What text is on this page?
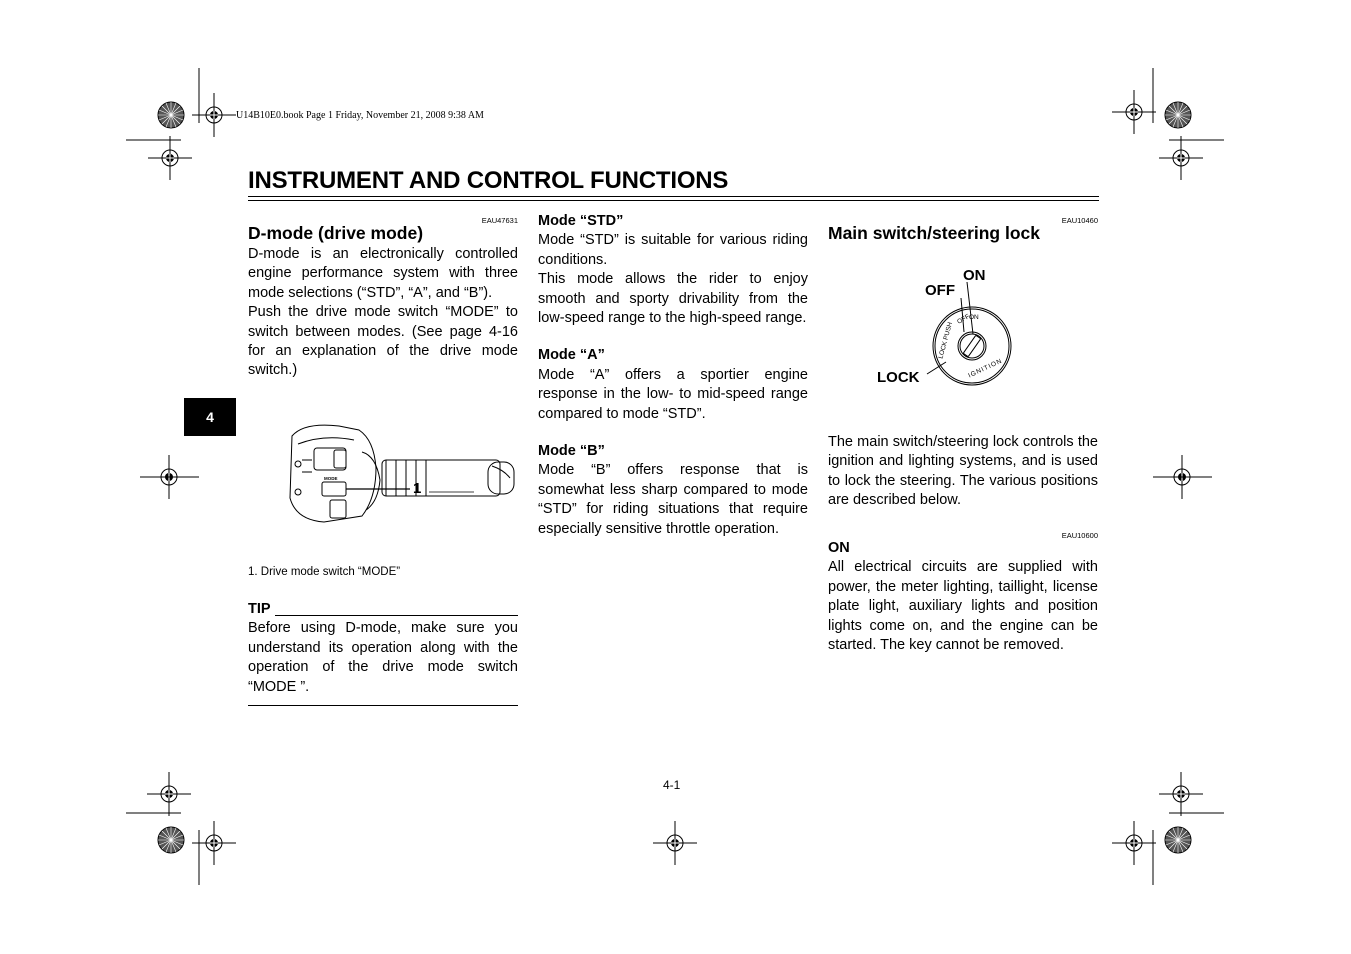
U14B10E0.book Page 1 Friday, November 21, 2008 9:38 AM
INSTRUMENT AND CONTROL FUNCTIONS
4
EAU47631
D-mode (drive mode)

D-mode is an electronically controlled engine performance system with three mode selections (“STD”, “A”, and “B”).

Push the drive mode switch “MODE” to switch between modes. (See page 4-16 for an explanation of the drive mode switch.)

MODE
1
1. Drive mode switch “MODE”
TIP

Before using D-mode, make sure you understand its operation along with the operation of the drive mode switch “MODE ”.

Mode “STD”

Mode “STD” is suitable for various riding conditions.

This mode allows the rider to enjoy smooth and sporty drivability from the low-speed range to the high-speed range.

Mode “A”

Mode “A” offers a sportier engine response in the low- to mid-speed range compared to mode “STD”.

Mode “B”

Mode “B” offers response that is somewhat less sharp compared to mode “STD” for riding situations that require especially sensitive throttle operation.

EAU10460
Main switch/steering lock
LOCK PUSH
OFF
ON
IGNITION
ON
OFF
LOCK

The main switch/steering lock controls the ignition and lighting systems, and is used to lock the steering. The various positions are described below.

EAU10600
ON

All electrical circuits are supplied with power, the meter lighting, taillight, license plate light, auxiliary lights and position lights come on, and the engine can be started. The key cannot be removed.

4-1
